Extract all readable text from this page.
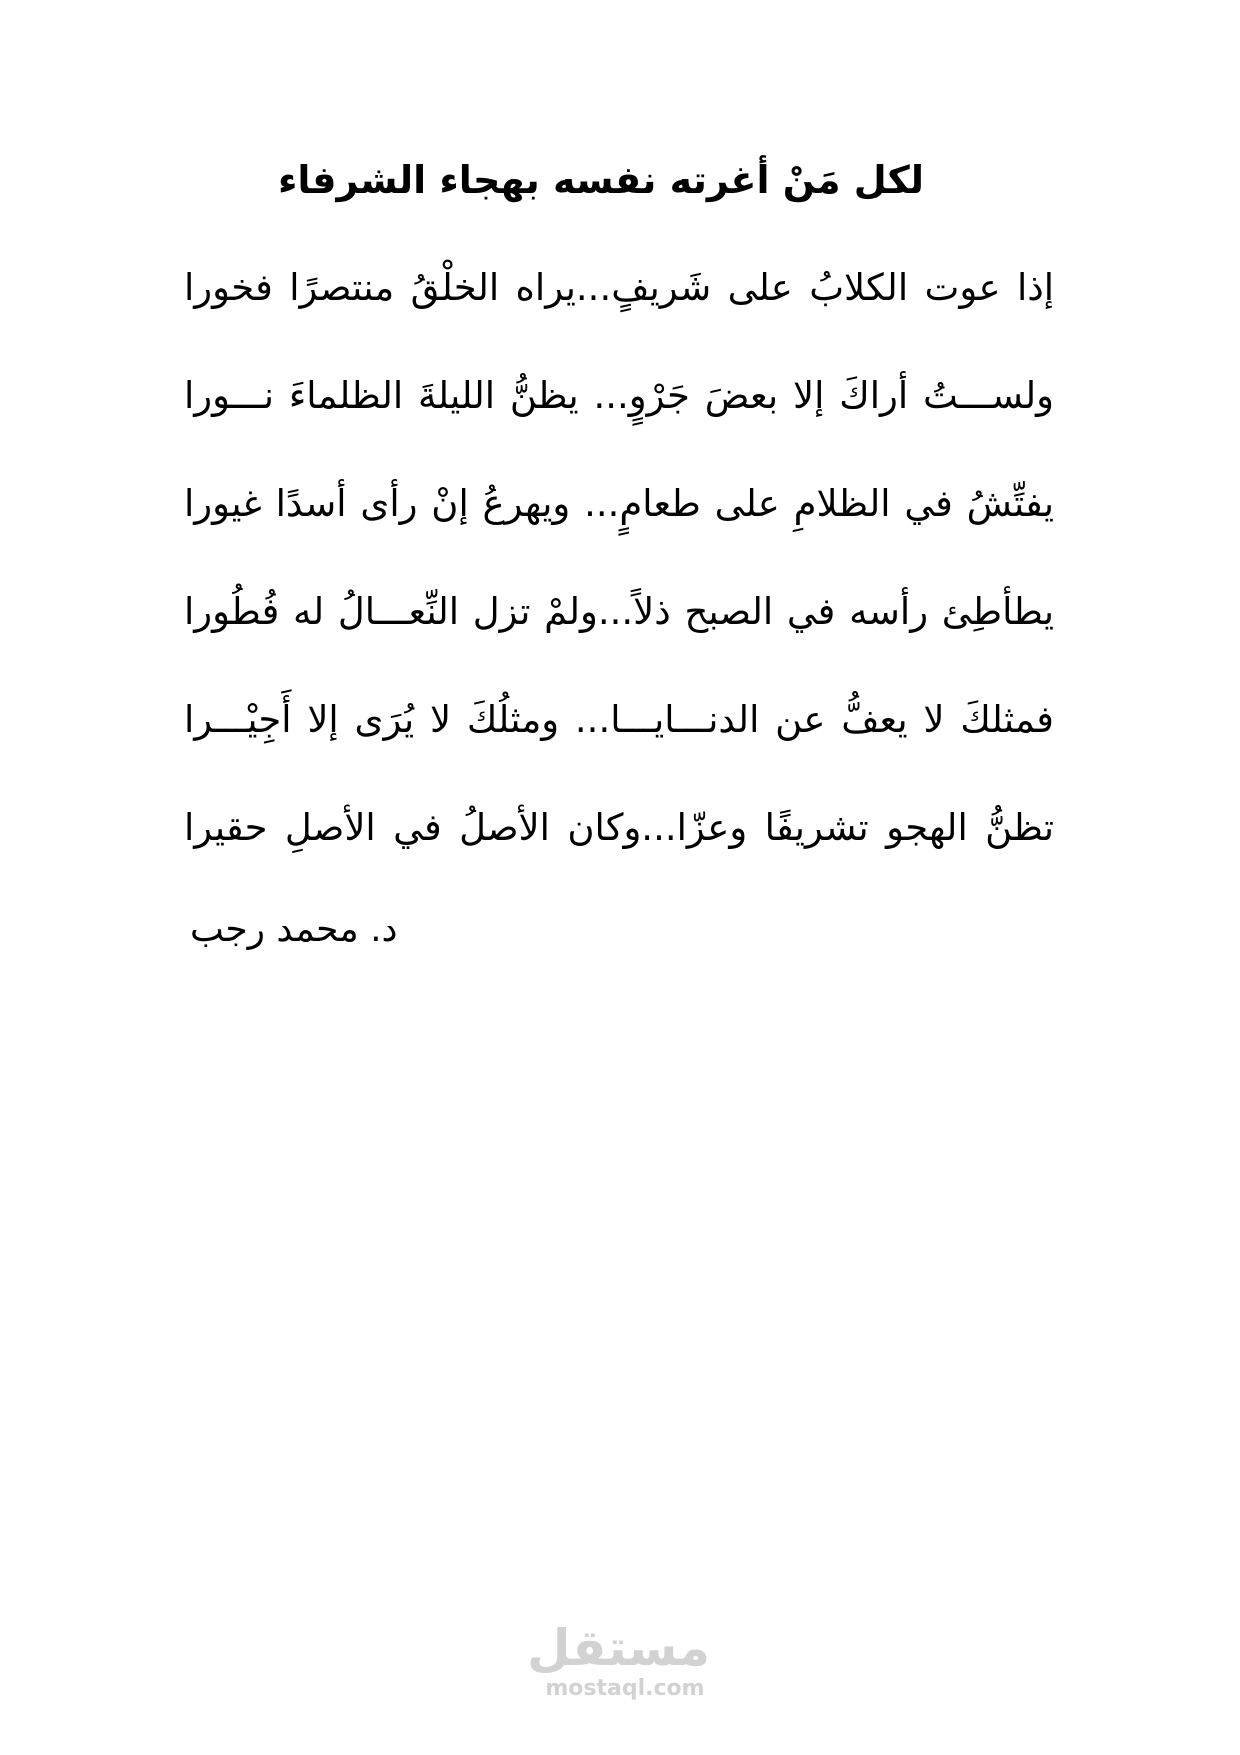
لكل مَنْ أغرته نفسه بهجاء الشرفاء
إذا عوت الكلابُ على شَريفٍ...يراه الخلْقُ منتصرًا فخورا
ولســـتُ أراكَ إلا بعضَ جَرْوٍ... يظنُّ الليلةَ الظلماءَ نـــورا
يفتِّشُ في الظلامِ على طعامٍ... ويهرعُ إنْ رأى أسدًا غيورا
يطأطِئ رأسه في الصبح ذلاً...ولمْ تزل النِّعـــالُ له فُطُورا
فمثلكَ لا يعفُّ عن الدنـــايـــا... ومثلُكَ لا يُرَى إلا أَجِيْـــرا
تظنُّ الهجو تشريفًا وعزّا...وكان الأصلُ في الأصلِ حقيرا
د. محمد رجب
مستقل
mostaql.com
